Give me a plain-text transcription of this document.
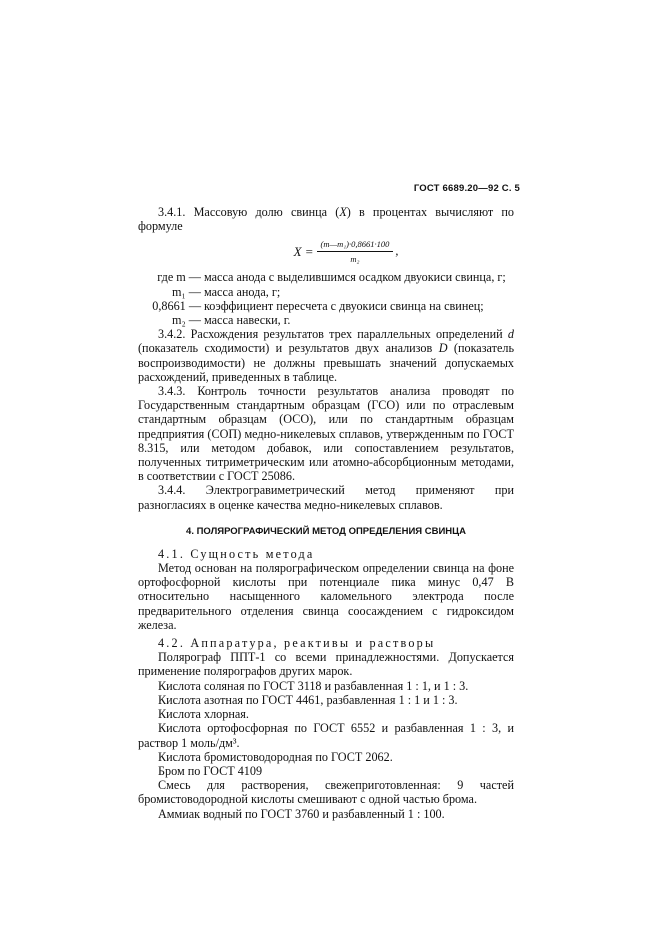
ГОСТ 6689.20—92 С. 5

3.4.1. Массовую долю свинца (X) в процентах вычисляют по формуле

$X = \frac{\text{(m—m₁)·0,8661·100}}{\text{m₂}}$ ,
где m — масса анода с выделившимся осадком двуокиси свинца, г;
m₁ — масса анода, г;
0,8661 — коэффициент пересчета с двуокиси свинца на свинец;
m₂ — масса навески, г.

3.4.2. Расхождения результатов трех параллельных определений d (показатель сходимости) и результатов двух анализов D (показатель воспроизводимости) не должны превышать значений допускаемых расхождений, приведенных в таблице.

3.4.3. Контроль точности результатов анализа проводят по Государственным стандартным образцам (ГСО) или по отраслевым стандартным образцам (ОСО), или по стандартным образцам предприятия (СОП) медно-никелевых сплавов, утвержденным по ГОСТ 8.315, или методом добавок, или сопоставлением результатов, полученных титриметрическим или атомно-абсорбционным методами, в соответствии с ГОСТ 25086.

3.4.4. Электрогравиметрический метод применяют при разногласиях в оценке качества медно-никелевых сплавов.

4. ПОЛЯРОГРАФИЧЕСКИЙ МЕТОД ОПРЕДЕЛЕНИЯ СВИНЦА

4.1. Сущность метода

Метод основан на полярографическом определении свинца на фоне ортофосфорной кислоты при потенциале пика минус 0,47 В относительно насыщенного каломельного электрода после предварительного отделения свинца соосаждением с гидроксидом железа.

4.2. Аппаратура, реактивы и растворы

Полярограф ППТ-1 со всеми принадлежностями. Допускается применение полярографов других марок.

Кислота соляная по ГОСТ 3118 и разбавленная 1 : 1, и 1 : 3.

Кислота азотная по ГОСТ 4461, разбавленная 1 : 1 и 1 : 3.

Кислота хлорная.

Кислота ортофосфорная по ГОСТ 6552 и разбавленная 1 : 3, и раствор 1 моль/дм³.

Кислота бромистоводородная по ГОСТ 2062.

Бром по ГОСТ 4109

Смесь для растворения, свежеприготовленная: 9 частей бромистоводородной кислоты смешивают с одной частью брома.

Аммиак водный по ГОСТ 3760 и разбавленный 1 : 100.
